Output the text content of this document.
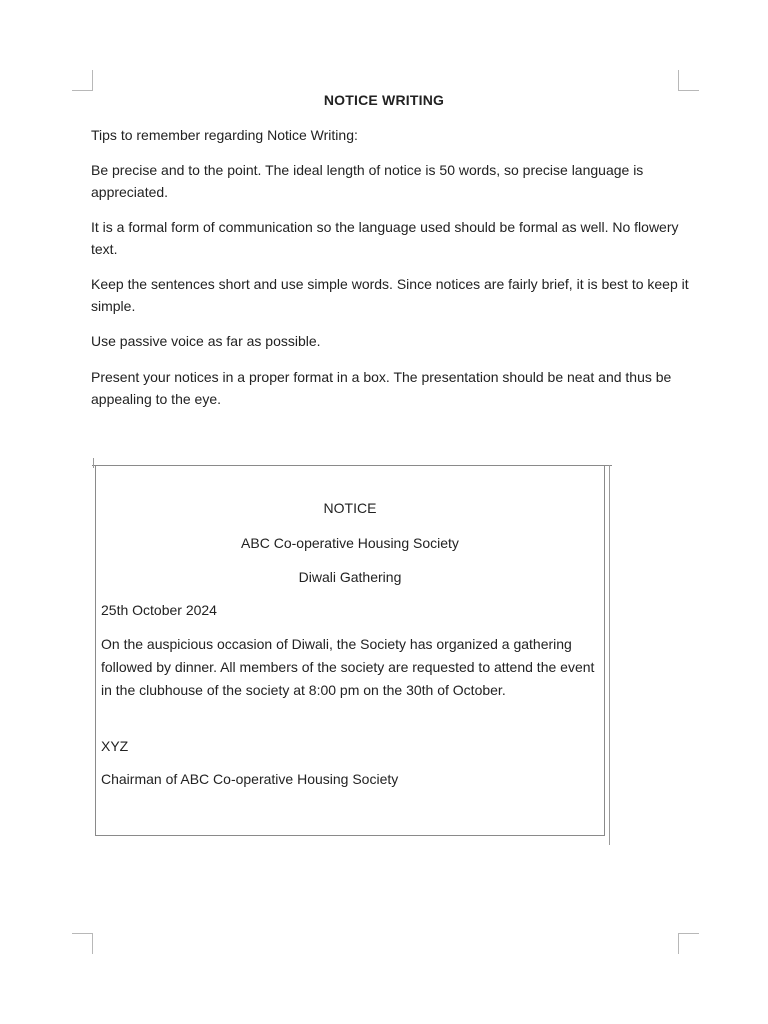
NOTICE WRITING

Tips to remember regarding Notice Writing:

Be precise and to the point. The ideal length of notice is 50 words, so precise language is appreciated.

It is a formal form of communication so the language used should be formal as well. No flowery text.

Keep the sentences short and use simple words. Since notices are fairly brief, it is best to keep it simple.

Use passive voice as far as possible.

Present your notices in a proper format in a box. The presentation should be neat and thus be appealing to the eye.

NOTICE

ABC Co-operative Housing Society

Diwali Gathering

25th October 2024

On the auspicious occasion of Diwali, the Society has organized a gathering followed by dinner. All members of the society are requested to attend the event in the clubhouse of the society at 8:00 pm on the 30th of October.

XYZ

Chairman of ABC Co-operative Housing Society
